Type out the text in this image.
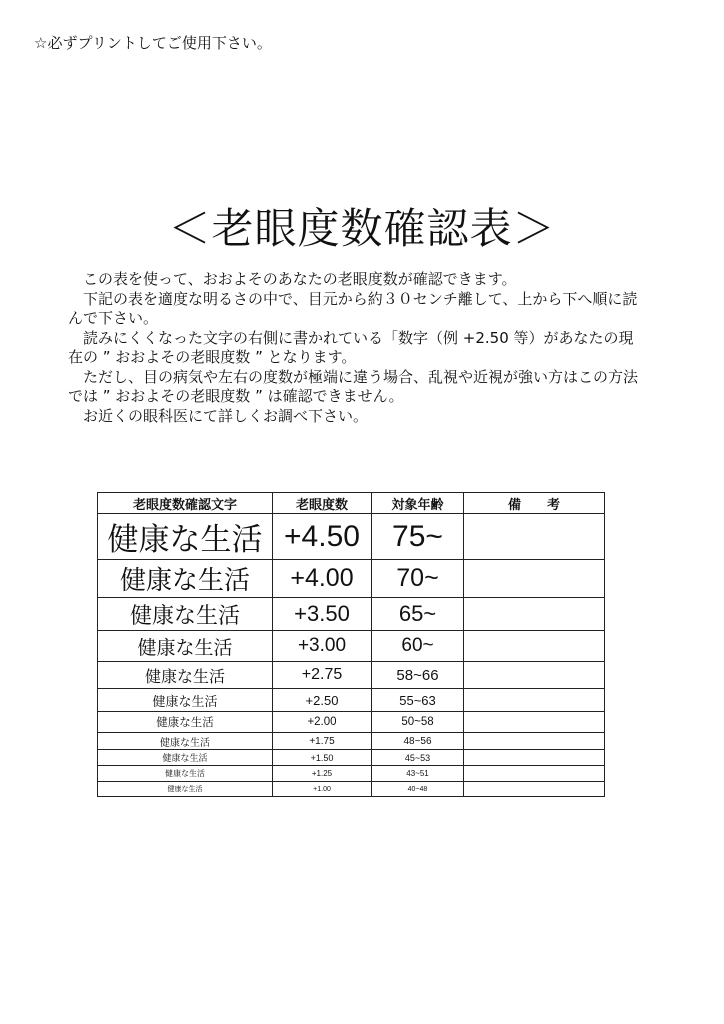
☆必ずプリントしてご使用下さい。
＜老眼度数確認表＞

　この表を使って、おおよそのあなたの老眼度数が確認できます。

　下記の表を適度な明るさの中で、目元から約３０センチ離して、上から下へ順に読んで下さい。

　読みにくくなった文字の右側に書かれている「数字（例 +2.50 等）があなたの現在の ” おおよその老眼度数 ” となります。

　ただし、目の病気や左右の度数が極端に違う場合、乱視や近視が強い方はこの方法では ” おおよその老眼度数 ” は確認できません。

　お近くの眼科医にて詳しくお調べ下さい。

老眼度数確認文字	老眼度数	対象年齢	備　　考
健康な生活	+4.50	75~	
健康な生活	+4.00	70~	
健康な生活	+3.50	65~	
健康な生活	+3.00	60~	
健康な生活	+2.75	58~66	
健康な生活	+2.50	55~63	
健康な生活	+2.00	50~58	
健康な生活	+1.75	48~56	
健康な生活	+1.50	45~53	
健康な生活	+1.25	43~51	
健康な生活	+1.00	40~48	
